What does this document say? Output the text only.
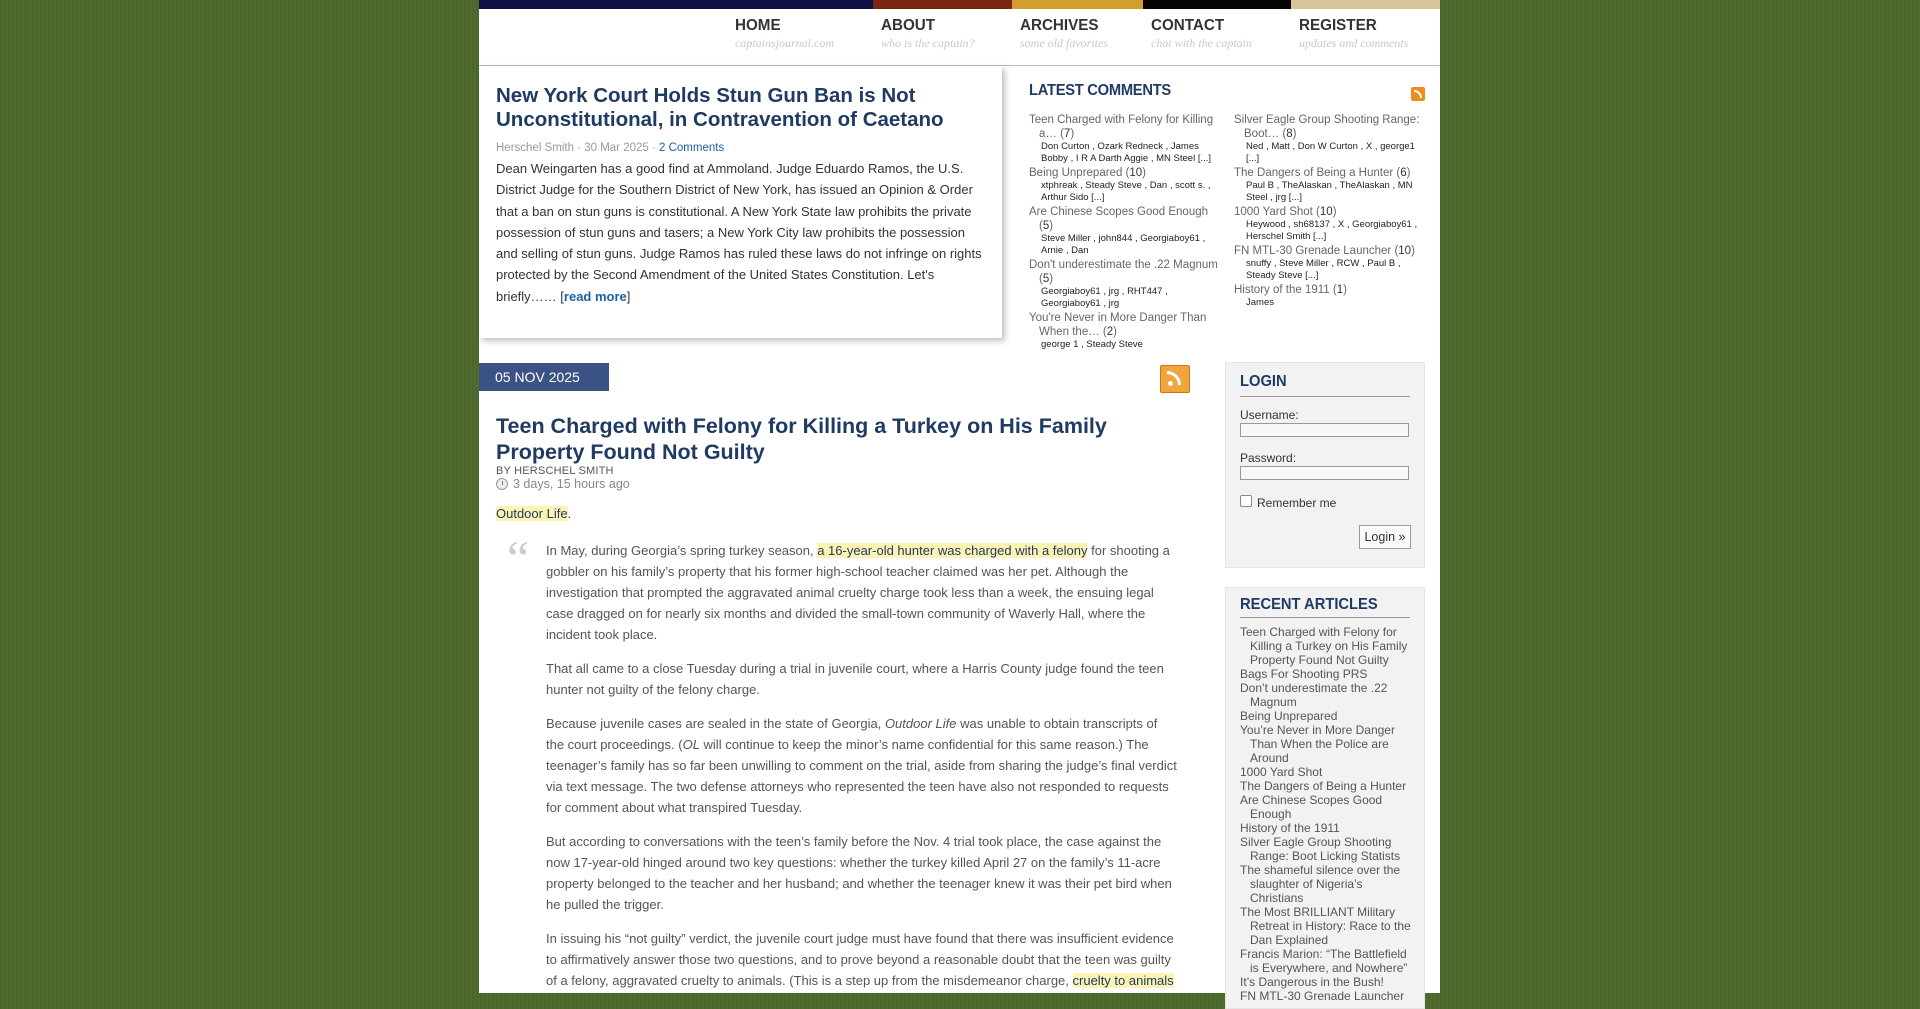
HOME
captainsjournal.com
ABOUT
who is the captain?
ARCHIVES
some old favorites
CONTACT
chat with the captain
REGISTER
updates and comments
New York Court Holds Stun Gun Ban is Not Unconstitutional, in Contravention of Caetano
Herschel Smith · 30 Mar 2025 · 2 Comments
Dean Weingarten has a good find at Ammoland. Judge Eduardo Ramos, the U.S. District Judge for the Southern District of New York, has issued an Opinion & Order that a ban on stun guns is constitutional. A New York State law prohibits the private possession of stun guns and tasers; a New York City law prohibits the possession and selling of stun guns. Judge Ramos has ruled these laws do not infringe on rights protected by the Second Amendment of the United States Constitution. Let's briefly…… [read more]
LATEST COMMENTS
Teen Charged with Felony for Killing a… (7)
Don Curton , Ozark Redneck , James Bobby , I R A Darth Aggie , MN Steel [...]
Being Unprepared (10)
xtphreak , Steady Steve , Dan , scott s. , Arthur Sido [...]
Are Chinese Scopes Good Enough (5)
Steve Miller , john844 , Georgiaboy61 , Arnie , Dan
Don't underestimate the .22 Magnum (5)
Georgiaboy61 , jrg , RHT447 , Georgiaboy61 , jrg
You're Never in More Danger Than When the… (2)
george 1 , Steady Steve
Silver Eagle Group Shooting Range: Boot… (8)
Ned , Matt , Don W Curton , X , george1 [...]
The Dangers of Being a Hunter (6)
Paul B , TheAlaskan , TheAlaskan , MN Steel , jrg [...]
1000 Yard Shot (10)
Heywood , sh68137 , X , Georgiaboy61 , Herschel Smith [...]
FN MTL-30 Grenade Launcher (10)
snuffy , Steve Miller , RCW , Paul B , Steady Steve [...]
History of the 1911 (1)
James
05 NOV 2025
Teen Charged with Felony for Killing a Turkey on His Family Property Found Not Guilty
BY HERSCHEL SMITH
3 days, 15 hours ago
Outdoor Life.
“ In May, during Georgia’s spring turkey season, a 16-year-old hunter was charged with a felony for shooting a gobbler on his family’s property that his former high-school teacher claimed was her pet. Although the investigation that prompted the aggravated animal cruelty charge took less than a week, the ensuing legal case dragged on for nearly six months and divided the small-town community of Waverly Hall, where the incident took place.

That all came to a close Tuesday during a trial in juvenile court, where a Harris County judge found the teen hunter not guilty of the felony charge.

Because juvenile cases are sealed in the state of Georgia, Outdoor Life was unable to obtain transcripts of the court proceedings. (OL will continue to keep the minor’s name confidential for this same reason.) The teenager’s family has so far been unwilling to comment on the trial, aside from sharing the judge’s final verdict via text message. The two defense attorneys who represented the teen have also not responded to requests for comment about what transpired Tuesday.

But according to conversations with the teen’s family before the Nov. 4 trial took place, the case against the now 17-year-old hinged around two key questions: whether the turkey killed April 27 on the family’s 11-acre property belonged to the teacher and her husband; and whether the teenager knew it was their pet bird when he pulled the trigger.

In issuing his “not guilty” verdict, the juvenile court judge must have found that there was insufficient evidence to affirmatively answer those two questions, and to prove beyond a reasonable doubt that the teen was guilty of a felony, aggravated cruelty to animals. (This is a step up from the misdemeanor charge, cruelty to animals

LOGIN
Username:
Password:
Remember me
Login »
RECENT ARTICLES
Teen Charged with Felony for Killing a Turkey on His Family Property Found Not Guilty
Bags For Shooting PRS
Don’t underestimate the .22 Magnum
Being Unprepared
You’re Never in More Danger Than When the Police are Around
1000 Yard Shot
The Dangers of Being a Hunter
Are Chinese Scopes Good Enough
History of the 1911
Silver Eagle Group Shooting Range: Boot Licking Statists
The shameful silence over the slaughter of Nigeria’s Christians
The Most BRILLIANT Military Retreat in History: Race to the Dan Explained
Francis Marion: “The Battlefield is Everywhere, and Nowhere”
It’s Dangerous in the Bush!
FN MTL-30 Grenade Launcher
